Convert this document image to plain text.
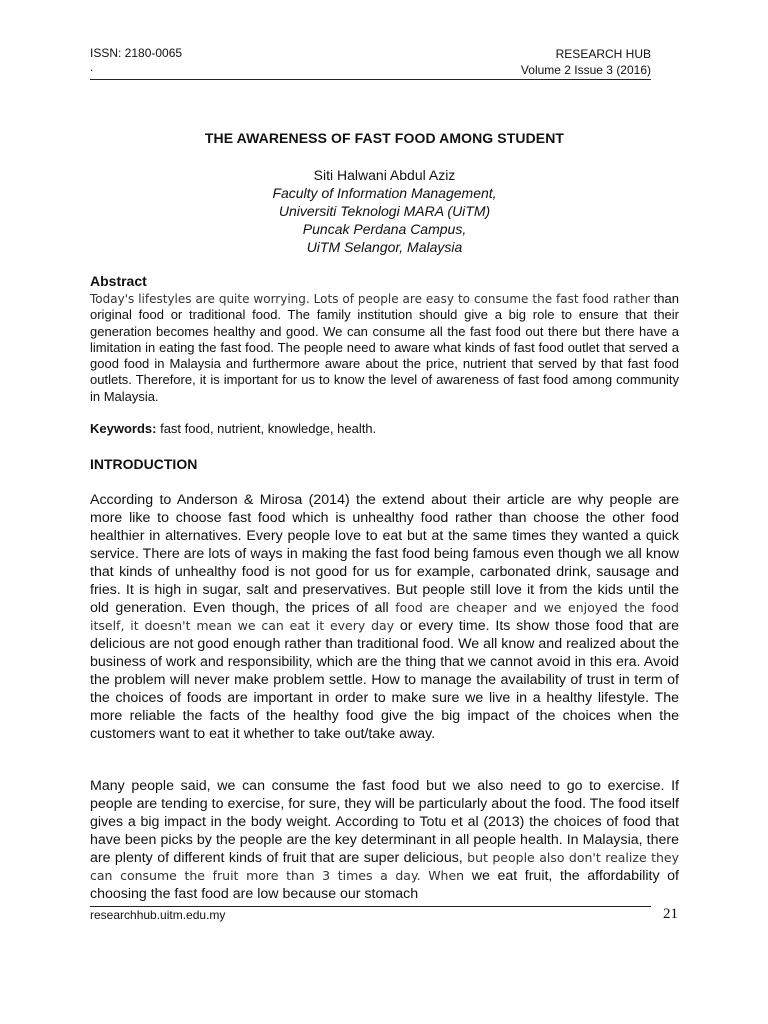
ISSN: 2180-0065
.
RESEARCH HUB
Volume 2 Issue 3 (2016)
THE AWARENESS OF FAST FOOD AMONG STUDENT
Siti Halwani Abdul Aziz
Faculty of Information Management,
Universiti Teknologi MARA (UiTM)
Puncak Perdana Campus,
UiTM Selangor, Malaysia
Abstract
Today's lifestyles are quite worrying. Lots of people are easy to consume the fast food rather than original food or traditional food. The family institution should give a big role to ensure that their generation becomes healthy and good. We can consume all the fast food out there but there have a limitation in eating the fast food. The people need to aware what kinds of fast food outlet that served a good food in Malaysia and furthermore aware about the price, nutrient that served by that fast food outlets. Therefore, it is important for us to know the level of awareness of fast food among community in Malaysia.
Keywords: fast food, nutrient, knowledge, health.
INTRODUCTION
According to Anderson & Mirosa (2014) the extend about their article are why people are more like to choose fast food which is unhealthy food rather than choose the other food healthier in alternatives. Every people love to eat but at the same times they wanted a quick service. There are lots of ways in making the fast food being famous even though we all know that kinds of unhealthy food is not good for us for example, carbonated drink, sausage and fries. It is high in sugar, salt and preservatives. But people still love it from the kids until the old generation. Even though, the prices of all food are cheaper and we enjoyed the food itself, it doesn't mean we can eat it every day or every time. Its show those food that are delicious are not good enough rather than traditional food. We all know and realized about the business of work and responsibility, which are the thing that we cannot avoid in this era. Avoid the problem will never make problem settle. How to manage the availability of trust in term of the choices of foods are important in order to make sure we live in a healthy lifestyle. The more reliable the facts of the healthy food give the big impact of the choices when the customers want to eat it whether to take out/take away.
Many people said, we can consume the fast food but we also need to go to exercise. If people are tending to exercise, for sure, they will be particularly about the food. The food itself gives a big impact in the body weight. According to Totu et al (2013) the choices of food that have been picks by the people are the key determinant in all people health. In Malaysia, there are plenty of different kinds of fruit that are super delicious, but people also don't realize they can consume the fruit more than 3 times a day. When we eat fruit, the affordability of choosing the fast food are low because our stomach
researchhub.uitm.edu.my	21
